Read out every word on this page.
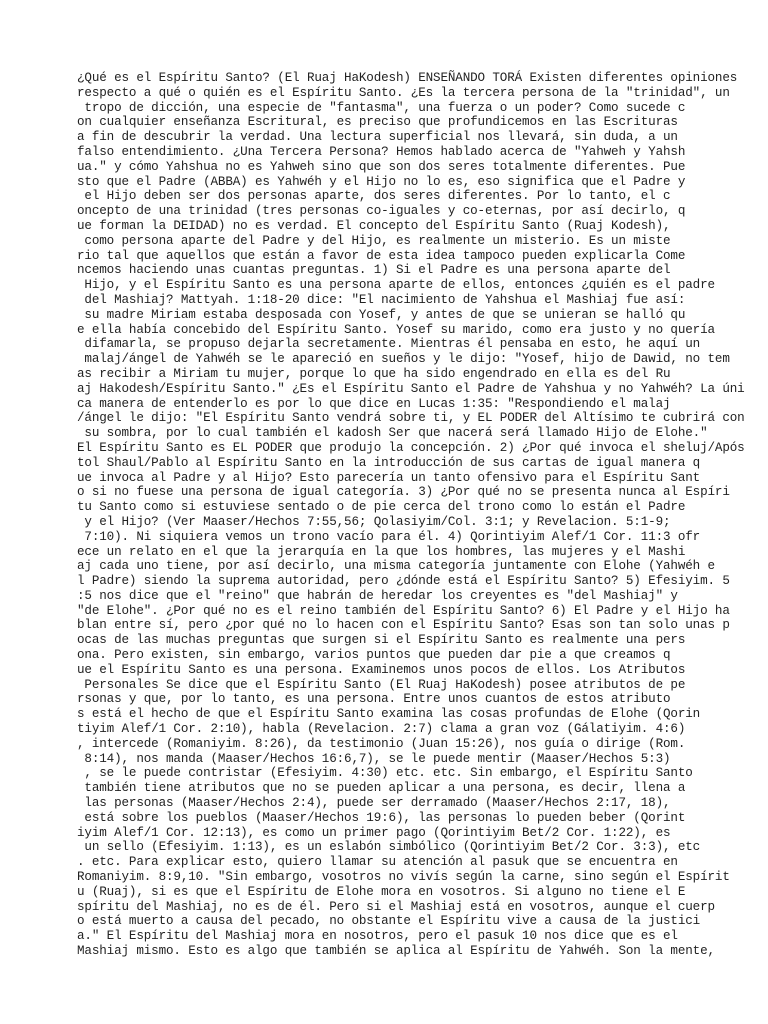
¿Qué es el Espíritu Santo? (El Ruaj HaKodesh) ENSEÑANDO TORÁ Existen diferentes opiniones
respecto a qué o quién es el Espíritu Santo. ¿Es la tercera persona de la "trinidad", un
tropo de dicción, una especie de "fantasma", una fuerza o un poder? Como sucede c
on cualquier enseñanza Escritural, es preciso que profundicemos en las Escrituras
a fin de descubrir la verdad. Una lectura superficial nos llevará, sin duda, a un
falso entendimiento. ¿Una Tercera Persona? Hemos hablado acerca de "Yahweh y Yahsh
ua." y cómo Yahshua no es Yahweh sino que son dos seres totalmente diferentes. Pue
sto que el Padre (ABBA) es Yahwéh y el Hijo no lo es, eso significa que el Padre y
el Hijo deben ser dos personas aparte, dos seres diferentes. Por lo tanto, el c
oncepto de una trinidad (tres personas co-iguales y co-eternas, por así decirlo, q
ue forman la DEIDAD) no es verdad. El concepto del Espíritu Santo (Ruaj Kodesh),
como persona aparte del Padre y del Hijo, es realmente un misterio. Es un miste
rio tal que aquellos que están a favor de esta idea tampoco pueden explicarla Come
ncemos haciendo unas cuantas preguntas. 1) Si el Padre es una persona aparte del
Hijo, y el Espíritu Santo es una persona aparte de ellos, entonces ¿quién es el padre
del Mashiaj? Mattyah. 1:18-20 dice: "El nacimiento de Yahshua el Mashiaj fue así:
su madre Miriam estaba desposada con Yosef, y antes de que se unieran se halló qu
e ella había concebido del Espíritu Santo. Yosef su marido, como era justo y no quería
difamarla, se propuso dejarla secretamente. Mientras él pensaba en esto, he aquí un
malaj/ángel de Yahwéh se le apareció en sueños y le dijo: "Yosef, hijo de Dawid, no tem
as recibir a Miriam tu mujer, porque lo que ha sido engendrado en ella es del Ru
aj Hakodesh/Espíritu Santo." ¿Es el Espíritu Santo el Padre de Yahshua y no Yahwéh? La úni
ca manera de entenderlo es por lo que dice en Lucas 1:35: "Respondiendo el malaj
/ángel le dijo: "El Espíritu Santo vendrá sobre ti, y EL PODER del Altísimo te cubrirá con
su sombra, por lo cual también el kadosh Ser que nacerá será llamado Hijo de Elohe."
El Espíritu Santo es EL PODER que produjo la concepción. 2) ¿Por qué invoca el sheluj/Após
tol Shaul/Pablo al Espíritu Santo en la introducción de sus cartas de igual manera q
ue invoca al Padre y al Hijo? Esto parecería un tanto ofensivo para el Espíritu Sant
o si no fuese una persona de igual categoría. 3) ¿Por qué no se presenta nunca al Espíri
tu Santo como si estuviese sentado o de pie cerca del trono como lo están el Padre
y el Hijo? (Ver Maaser/Hechos 7:55,56; Qolasiyim/Col. 3:1; y Revelacion. 5:1-9;
7:10). Ni siquiera vemos un trono vacío para él. 4) Qorintiyim Alef/1 Cor. 11:3 ofr
ece un relato en el que la jerarquía en la que los hombres, las mujeres y el Mashi
aj cada uno tiene, por así decirlo, una misma categoría juntamente con Elohe (Yahwéh e
l Padre) siendo la suprema autoridad, pero ¿dónde está el Espíritu Santo? 5) Efesiyim. 5
:5 nos dice que el "reino" que habrán de heredar los creyentes es "del Mashiaj" y
"de Elohe". ¿Por qué no es el reino también del Espíritu Santo? 6) El Padre y el Hijo ha
blan entre sí, pero ¿por qué no lo hacen con el Espíritu Santo? Esas son tan solo unas p
ocas de las muchas preguntas que surgen si el Espíritu Santo es realmente una pers
ona. Pero existen, sin embargo, varios puntos que pueden dar pie a que creamos q
ue el Espíritu Santo es una persona. Examinemos unos pocos de ellos. Los Atributos
Personales Se dice que el Espíritu Santo (El Ruaj HaKodesh) posee atributos de pe
rsonas y que, por lo tanto, es una persona. Entre unos cuantos de estos atributo
s está el hecho de que el Espíritu Santo examina las cosas profundas de Elohe (Qorin
tiyim Alef/1 Cor. 2:10), habla (Revelacion. 2:7) clama a gran voz (Gálatiyim. 4:6)
, intercede (Romaniyim. 8:26), da testimonio (Juan 15:26), nos guía o dirige (Rom.
8:14), nos manda (Maaser/Hechos 16:6,7), se le puede mentir (Maaser/Hechos 5:3)
, se le puede contristar (Efesiyim. 4:30) etc. etc. Sin embargo, el Espíritu Santo
también tiene atributos que no se pueden aplicar a una persona, es decir, llena a
las personas (Maaser/Hechos 2:4), puede ser derramado (Maaser/Hechos 2:17, 18),
está sobre los pueblos (Maaser/Hechos 19:6), las personas lo pueden beber (Qorint
iyim Alef/1 Cor. 12:13), es como un primer pago (Qorintiyim Bet/2 Cor. 1:22), es
un sello (Efesiyim. 1:13), es un eslabón simbólico (Qorintiyim Bet/2 Cor. 3:3), etc
. etc. Para explicar esto, quiero llamar su atención al pasuk que se encuentra en
Romaniyim. 8:9,10. "Sin embargo, vosotros no vivís según la carne, sino según el Espírit
u (Ruaj), si es que el Espíritu de Elohe mora en vosotros. Si alguno no tiene el E
spíritu del Mashiaj, no es de él. Pero si el Mashiaj está en vosotros, aunque el cuerp
o está muerto a causa del pecado, no obstante el Espíritu vive a causa de la justici
a." El Espíritu del Mashiaj mora en nosotros, pero el pasuk 10 nos dice que es el
Mashiaj mismo. Esto es algo que también se aplica al Espíritu de Yahwéh. Son la mente,
